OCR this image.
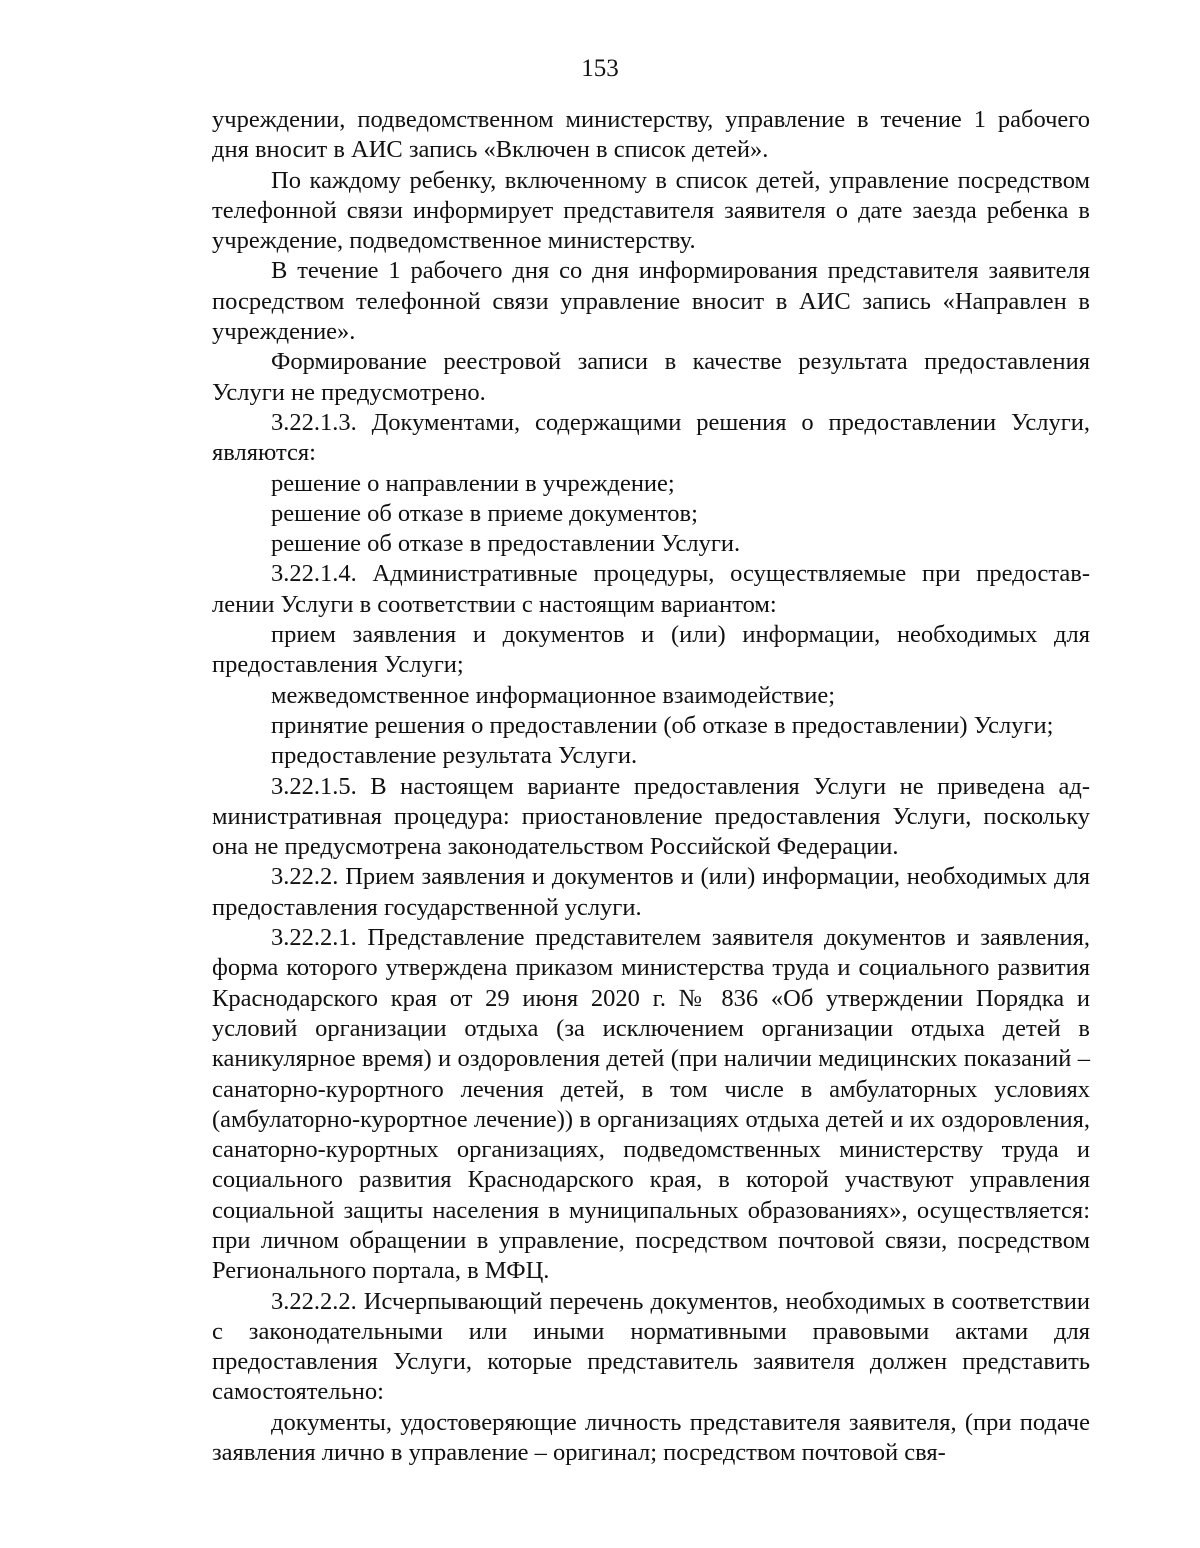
153

учреждении, подведомственном министерству, управление в течение 1 рабочего дня вносит в АИС запись «Включен в список детей».

По каждому ребенку, включенному в список детей, управление посредством телефонной связи информирует представителя заявителя о дате заезда ребенка в учреждение, подведомственное министерству.

В течение 1 рабочего дня со дня информирования представителя заявителя посредством телефонной связи управление вносит в АИС запись «Направлен в учреждение».

Формирование реестровой записи в качестве результата предоставления Услуги не предусмотрено.

3.22.1.3. Документами, содержащими решения о предоставлении Услуги, являются:

решение о направлении в учреждение;

решение об отказе в приеме документов;

решение об отказе в предоставлении Услуги.

3.22.1.4. Административные процедуры, осуществляемые при предоставлении Услуги в соответствии с настоящим вариантом:

прием заявления и документов и (или) информации, необходимых для предоставления Услуги;

межведомственное информационное взаимодействие;

принятие решения о предоставлении (об отказе в предоставлении) Услуги;

предоставление результата Услуги.

3.22.1.5. В настоящем варианте предоставления Услуги не приведена административная процедура: приостановление предоставления Услуги, поскольку она не предусмотрена законодательством Российской Федерации.

3.22.2. Прием заявления и документов и (или) информации, необходимых для предоставления государственной услуги.

3.22.2.1. Представление представителем заявителя документов и заявления, форма которого утверждена приказом министерства труда и социального развития Краснодарского края от 29 июня 2020 г. № 836 «Об утверждении Порядка и условий организации отдыха (за исключением организации отдыха детей в каникулярное время) и оздоровления детей (при наличии медицинских показаний – санаторно-курортного лечения детей, в том числе в амбулаторных условиях (амбулаторно-курортное лечение)) в организациях отдыха детей и их оздоровления, санаторно-курортных организациях, подведомственных министерству труда и социального развития Краснодарского края, в которой участвуют управления социальной защиты населения в муниципальных образованиях», осуществляется: при личном обращении в управление, посредством почтовой связи, посредством Регионального портала, в МФЦ.

3.22.2.2. Исчерпывающий перечень документов, необходимых в соответствии с законодательными или иными нормативными правовыми актами для предоставления Услуги, которые представитель заявителя должен представить самостоятельно:

документы, удостоверяющие личность представителя заявителя, (при подаче заявления лично в управление – оригинал; посредством почтовой свя-
